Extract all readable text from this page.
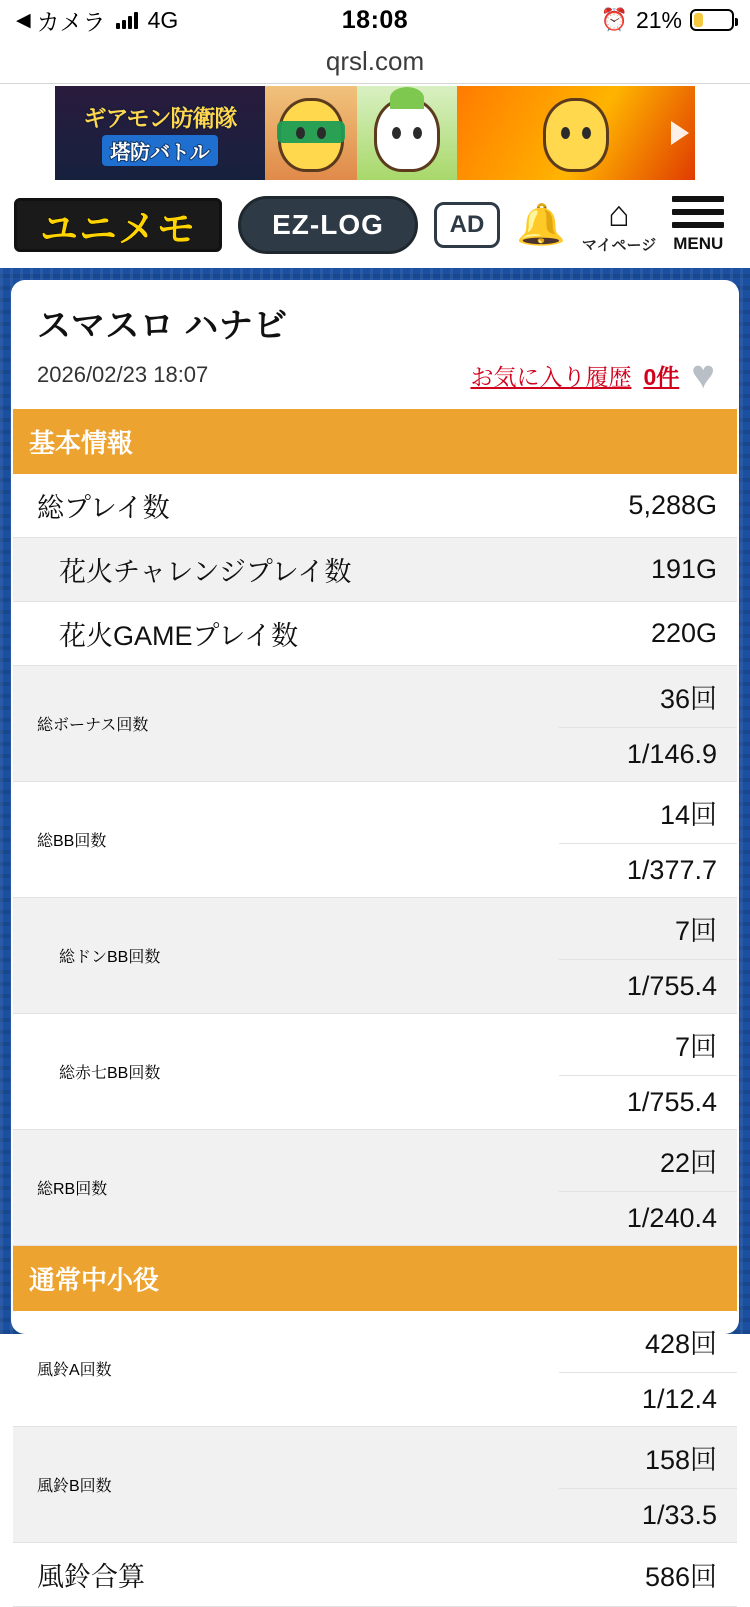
◀ カメラ 4G	18:08	⏰ 21%
qrsl.com
ギアモン防衛隊
塔防バトル
ユニメモ	EZ-LOG	AD 🔔 ⌂
マイページ MENU
スマスロ ハナビ
2026/02/23 18:07	お気に入り履歴 0件 ♥
基本情報	
総プレイ数	5,288G
花火チャレンジプレイ数	191G
花火GAMEプレイ数	220G
総ボーナス回数	36回
1/146.9

総BB回数	14回
1/377.7

総ドンBB回数	7回
1/755.4

総赤七BB回数	7回
1/755.4

総RB回数	22回
1/240.4

通常中小役	
風鈴A回数	428回
1/12.4

風鈴B回数	158回
1/33.5

風鈴合算	586回
